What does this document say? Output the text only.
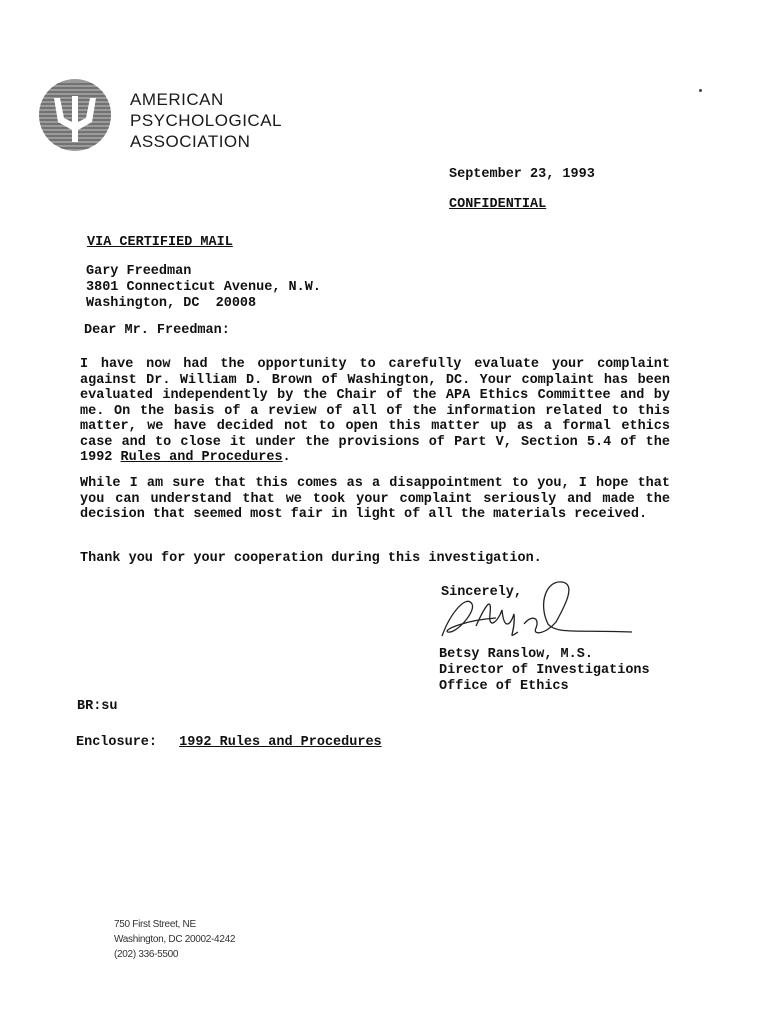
AMERICAN
PSYCHOLOGICAL
ASSOCIATION
September 23, 1993
CONFIDENTIAL
VIA CERTIFIED MAIL
Gary Freedman
3801 Connecticut Avenue, N.W.
Washington, DC  20008
Dear Mr. Freedman:
I have now had the opportunity to carefully evaluate your complaint against Dr. William D. Brown of Washington, DC. Your complaint has been evaluated independently by the Chair of the APA Ethics Committee and by me. On the basis of a review of all of the information related to this matter, we have decided not to open this matter up as a formal ethics case and to close it under the provisions of Part V, Section 5.4 of the 1992 Rules and Procedures.
While I am sure that this comes as a disappointment to you, I hope that you can understand that we took your complaint seriously and made the decision that seemed most fair in light of all the materials received.
Thank you for your cooperation during this investigation.
Sincerely,
Betsy Ranslow, M.S.
Director of Investigations
Office of Ethics
BR:su
Enclosure: 1992 Rules and Procedures
750 First Street, NE
Washington, DC 20002-4242
(202) 336-5500
